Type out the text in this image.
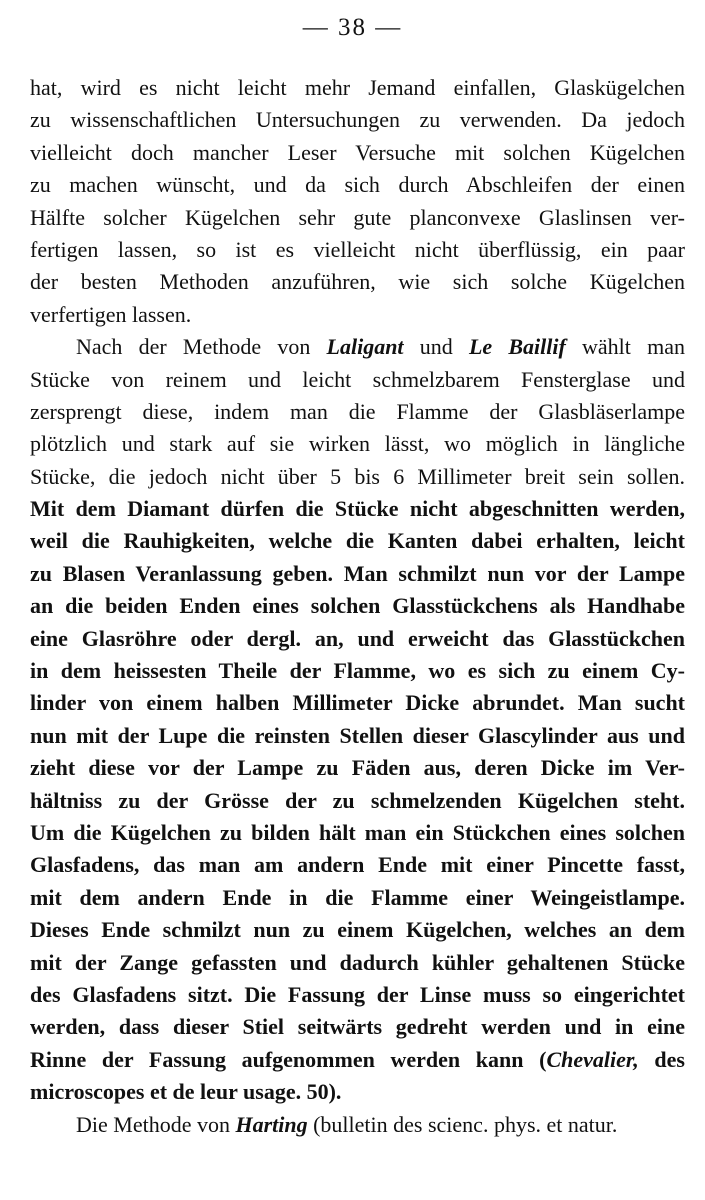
— 38 —
hat, wird es nicht leicht mehr Jemand einfallen, Glaskügelchen
zu wissenschaftlichen Untersuchungen zu verwenden. Da jedoch
vielleicht doch mancher Leser Versuche mit solchen Kügelchen
zu machen wünscht, und da sich durch Abschleifen der einen
Hälfte solcher Kügelchen sehr gute planconvexe Glaslinsen ver-
fertigen lassen, so ist es vielleicht nicht überflüssig, ein paar
der besten Methoden anzuführen, wie sich solche Kügelchen
verfertigen lassen.
Nach der Methode von Laligant und Le Baillif wählt man
Stücke von reinem und leicht schmelzbarem Fensterglase und
zersprengt diese, indem man die Flamme der Glasbläserlampe
plötzlich und stark auf sie wirken lässt, wo möglich in längliche
Stücke, die jedoch nicht über 5 bis 6 Millimeter breit sein sollen.
Mit dem Diamant dürfen die Stücke nicht abgeschnitten werden,
weil die Rauhigkeiten, welche die Kanten dabei erhalten, leicht
zu Blasen Veranlassung geben. Man schmilzt nun vor der Lampe
an die beiden Enden eines solchen Glasstückchens als Handhabe
eine Glasröhre oder dergl. an, und erweicht das Glasstückchen
in dem heissesten Theile der Flamme, wo es sich zu einem Cy-
linder von einem halben Millimeter Dicke abrundet. Man sucht
nun mit der Lupe die reinsten Stellen dieser Glascylinder aus und
zieht diese vor der Lampe zu Fäden aus, deren Dicke im Ver-
hältniss zu der Grösse der zu schmelzenden Kügelchen steht.
Um die Kügelchen zu bilden hält man ein Stückchen eines solchen
Glasfadens, das man am andern Ende mit einer Pincette fasst,
mit dem andern Ende in die Flamme einer Weingeistlampe.
Dieses Ende schmilzt nun zu einem Kügelchen, welches an dem
mit der Zange gefassten und dadurch kühler gehaltenen Stücke
des Glasfadens sitzt. Die Fassung der Linse muss so eingerichtet
werden, dass dieser Stiel seitwärts gedreht werden und in eine
Rinne der Fassung aufgenommen werden kann (Chevalier, des
microscopes et de leur usage. 50).
Die Methode von Harting (bulletin des scienc. phys. et natur.
